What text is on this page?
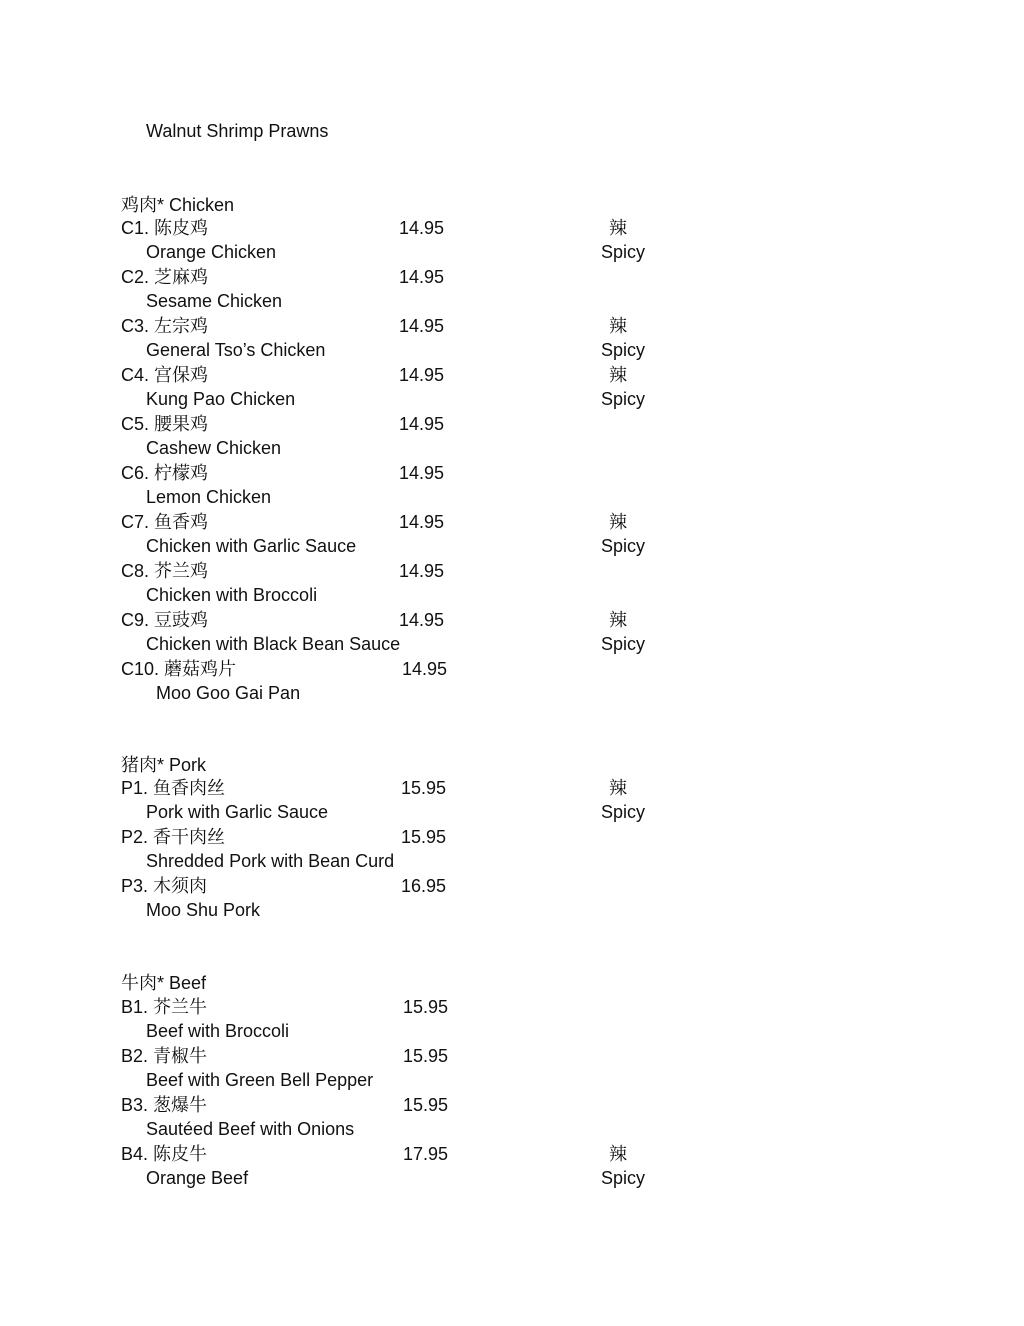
Walnut Shrimp Prawns
鸡肉* Chicken
C1. 陈皮鸡	14.95
Orange Chicken
辣
Spicy
C2. 芝麻鸡	14.95
Sesame Chicken
C3. 左宗鸡	14.95
General Tso’s Chicken
辣
Spicy
C4. 宫保鸡	14.95
Kung Pao Chicken
辣
Spicy
C5. 腰果鸡	14.95
Cashew Chicken
C6. 柠檬鸡	14.95
Lemon Chicken
C7. 鱼香鸡	14.95
Chicken with Garlic Sauce
辣
Spicy
C8. 芥兰鸡	14.95
Chicken with Broccoli
C9. 豆豉鸡	14.95
Chicken with Black Bean Sauce
辣
Spicy
C10. 蘑菇鸡片	14.95
Moo Goo Gai Pan
猪肉* Pork
P1. 鱼香肉丝	15.95
Pork with Garlic Sauce
辣
Spicy
P2. 香干肉丝	15.95
Shredded Pork with Bean Curd
P3. 木须肉	16.95
Moo Shu Pork
牛肉* Beef
B1. 芥兰牛	15.95
Beef with Broccoli
B2. 青椒牛	15.95
Beef with Green Bell Pepper
B3. 葱爆牛	15.95
Sautéed Beef with Onions
B4. 陈皮牛	17.95
Orange Beef
辣
Spicy
